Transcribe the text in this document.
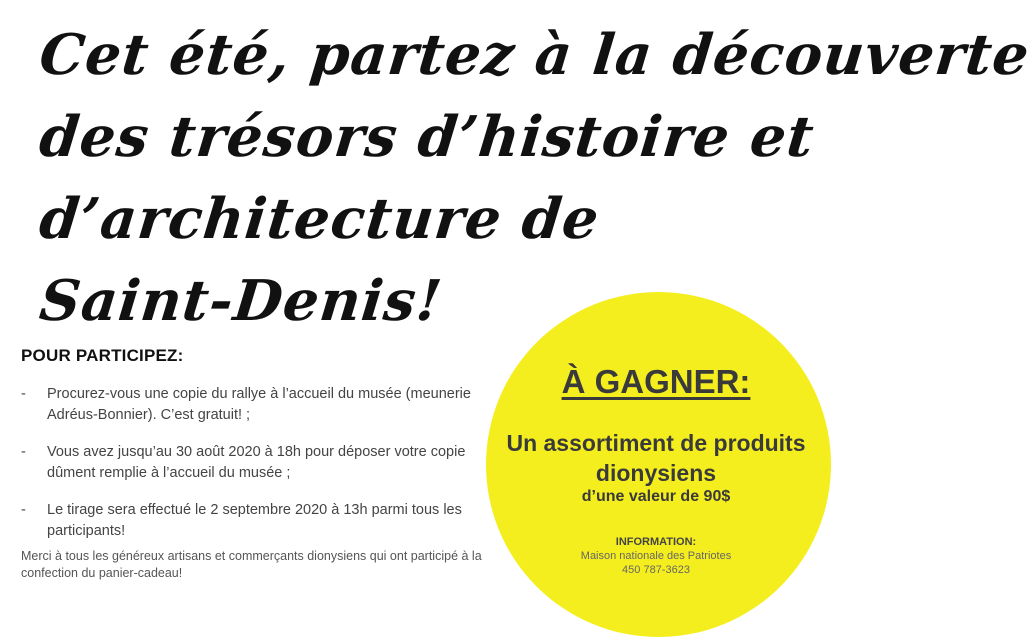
Cet été, partez à la découverte
des trésors d’histoire et
d’architecture de
Saint-Denis!
POUR PARTICIPEZ:
- Procurez-vous une copie du rallye à l’accueil du musée (meunerie Adréus-Bonnier). C’est gratuit! ;
- Vous avez jusqu’au 30 août 2020 à 18h pour déposer votre copie dûment remplie à l’accueil du musée ;
- Le tirage sera effectué le 2 septembre 2020 à 13h parmi tous les participants!
Merci à tous les généreux artisans et commerçants dionysiens qui ont participé à la confection du panier-cadeau!
À GAGNER:
Un assortiment de produits dionysiens
d’une valeur de 90$
INFORMATION:
Maison nationale des Patriotes
450 787-3623
